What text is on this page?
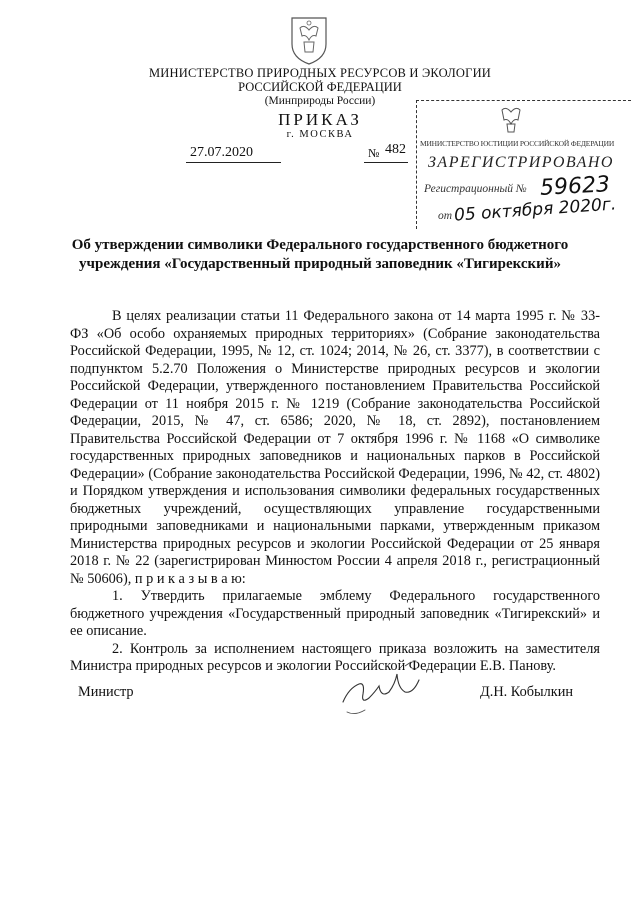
МИНИСТЕРСТВО ПРИРОДНЫХ РЕСУРСОВ И ЭКОЛОГИИ
РОССИЙСКОЙ ФЕДЕРАЦИИ
(Минприроды России)
ПРИКАЗ
г. МОСКВА
27.07.2020	№ 482 МИНИСТЕРСТВО ЮСТИЦИИ РОССИЙСКОЙ ФЕДЕРАЦИИ
ЗАРЕГИСТРИРОВАНО
Регистрационный № 59623
от 05 октября 2020г.
Об утверждении символики Федерального государственного бюджетного
учреждения «Государственный природный заповедник «Тигирекский»

В целях реализации статьи 11 Федерального закона от 14 марта 1995 г. № 33-ФЗ «Об особо охраняемых природных территориях» (Собрание законодательства Российской Федерации, 1995, № 12, ст. 1024; 2014, № 26, ст. 3377), в соответствии с подпунктом 5.2.70 Положения о Министерстве природных ресурсов и экологии Российской Федерации, утвержденного постановлением Правительства Российской Федерации от 11 ноября 2015 г. № 1219 (Собрание законодательства Российской Федерации, 2015, № 47, ст. 6586; 2020, № 18, ст. 2892), постановлением Правительства Российской Федерации от 7 октября 1996 г. № 1168 «О символике государственных природных заповедников и национальных парков в Российской Федерации» (Собрание законодательства Российской Федерации, 1996, № 42, ст. 4802) и Порядком утверждения и использования символики федеральных государственных бюджетных учреждений, осуществляющих управление государственными природными заповедниками и национальными парками, утвержденным приказом Министерства природных ресурсов и экологии Российской Федерации от 25 января 2018 г. № 22 (зарегистрирован Минюстом России 4 апреля 2018 г., регистрационный № 50606), п р и к а з ы в а ю:

1. Утвердить прилагаемые эмблему Федерального государственного бюджетного учреждения «Государственный природный заповедник «Тигирекский» и ее описание.

2. Контроль за исполнением настоящего приказа возложить на заместителя Министра природных ресурсов и экологии Российской Федерации Е.В. Панову.

Министр	Д.Н. Кобылкин
